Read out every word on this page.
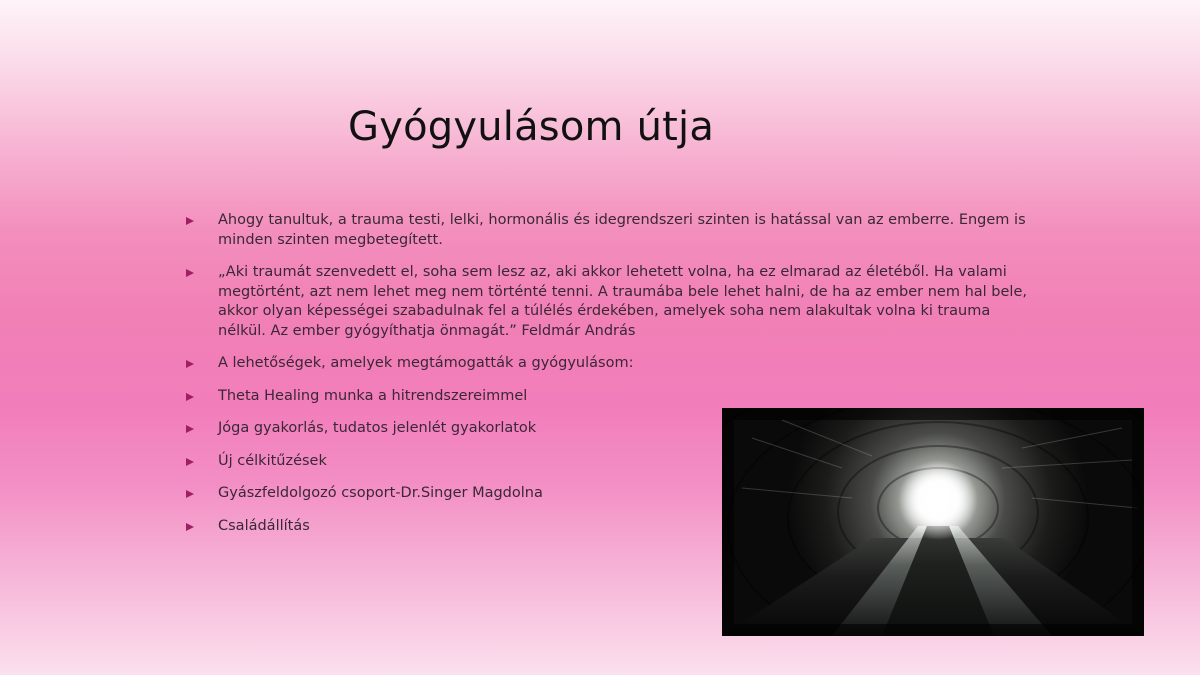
Gyógyulásom útja
Ahogy tanultuk, a trauma testi, lelki, hormonális és idegrendszeri szinten is hatással van az emberre. Engem is minden szinten megbetegített.
„Aki traumát szenvedett el, soha sem lesz az, aki akkor lehetett volna, ha ez elmarad az életéből. Ha valami megtörtént, azt nem lehet meg nem történté tenni. A traumába bele lehet halni, de ha az ember nem hal bele, akkor olyan képességei szabadulnak fel a túlélés érdekében, amelyek soha nem alakultak volna ki trauma nélkül. Az ember gyógyíthatja önmagát.” Feldmár András
A lehetőségek, amelyek megtámogatták a gyógyulásom:
Theta Healing munka a hitrendszereimmel
Jóga gyakorlás, tudatos jelenlét gyakorlatok
Új célkitűzések
Gyászfeldolgozó csoport-Dr.Singer Magdolna
Családállítás
